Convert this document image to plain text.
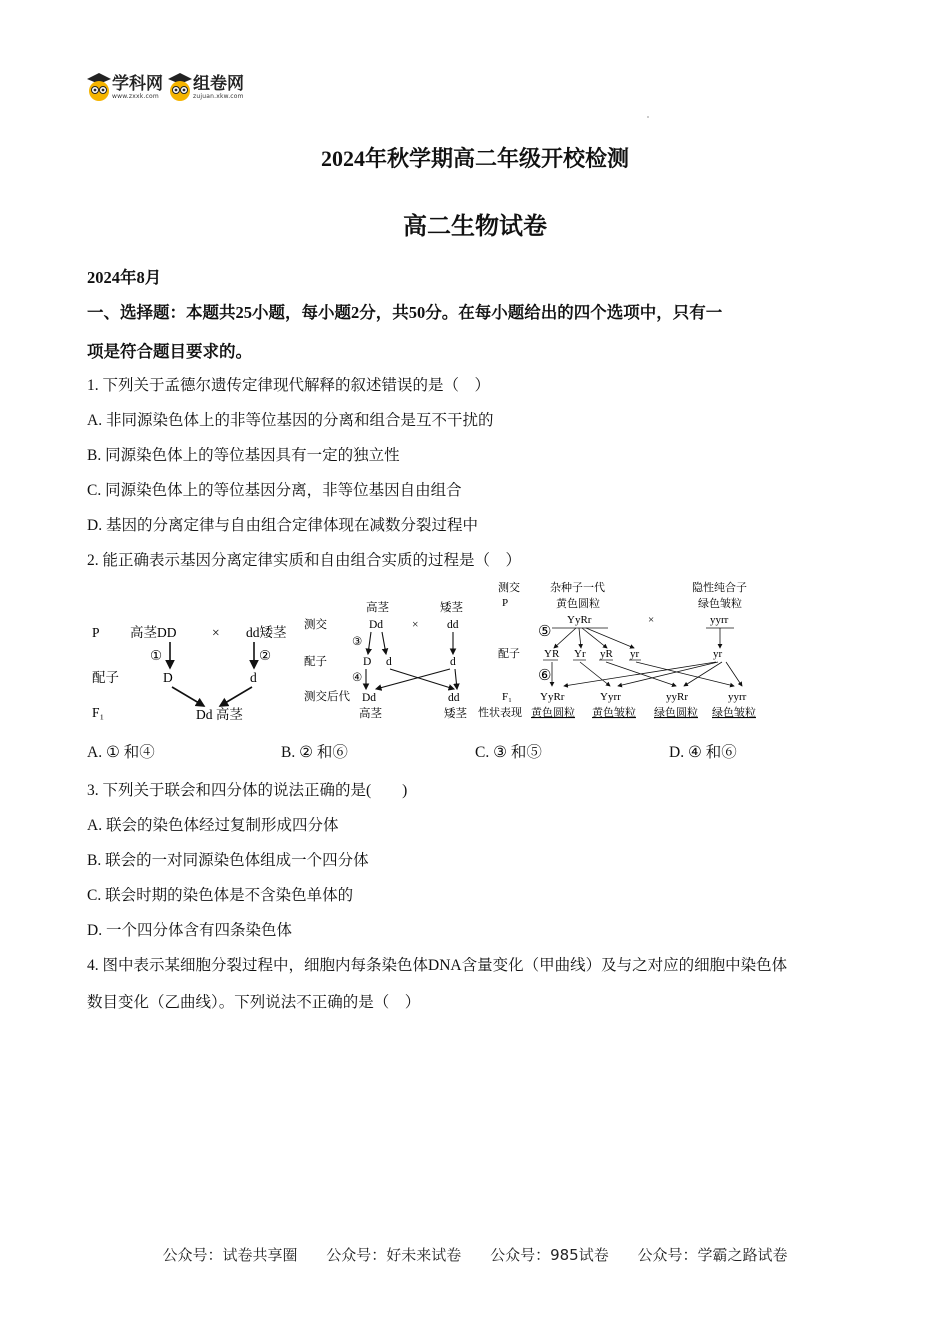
学科网
www.zxxk.com
组卷网
zujuan.xkw.com
2024年秋学期高二年级开校检测
高二生物试卷
2024年8月
一、选择题：本题共25小题，每小题2分，共50分。在每小题给出的四个选项中，只有一
项是符合题目要求的。
1. 下列关于孟德尔遗传定律现代解释的叙述错误的是（　）
A. 非同源染色体上的非等位基因的分离和组合是互不干扰的
B. 同源染色体上的等位基因具有一定的独立性
C. 同源染色体上的等位基因分离，非等位基因自由组合
D. 基因的分离定律与自由组合定律体现在减数分裂过程中
2. 能正确表示基因分离定律实质和自由组合实质的过程是（　）
P 高茎DD	× dd矮茎
①	②
配子	D	d
F₁	Dd 高茎
高茎	矮茎
测交	Dd	× dd
③
配子	D d	d
④
测交后代 Dd	dd
高茎	矮茎
测交
P
杂种子一代
黄色圆粒
隐性纯合子
绿色皱粒
YyRr	×	yyrr
⑤
配子 YR Yr yR yr	yr
⑥
F₁
性状表现
YyRr	Yyrr	yyRr	yyrr
黄色圆粒 黄色皱粒 绿色圆粒 绿色皱粒
A. ① 和④	B. ② 和⑥	C. ③ 和⑤	D. ④ 和⑥
3. 下列关于联会和四分体的说法正确的是(　　)
A. 联会的染色体经过复制形成四分体
B. 联会的一对同源染色体组成一个四分体
C. 联会时期的染色体是不含染色单体的
D. 一个四分体含有四条染色体
4. 图中表示某细胞分裂过程中，细胞内每条染色体DNA含量变化（甲曲线）及与之对应的细胞中染色体
数目变化（乙曲线）。下列说法不正确的是（　）
公众号：试卷共享圈 公众号：好未来试卷 公众号：985试卷 公众号：学霸之路试卷
